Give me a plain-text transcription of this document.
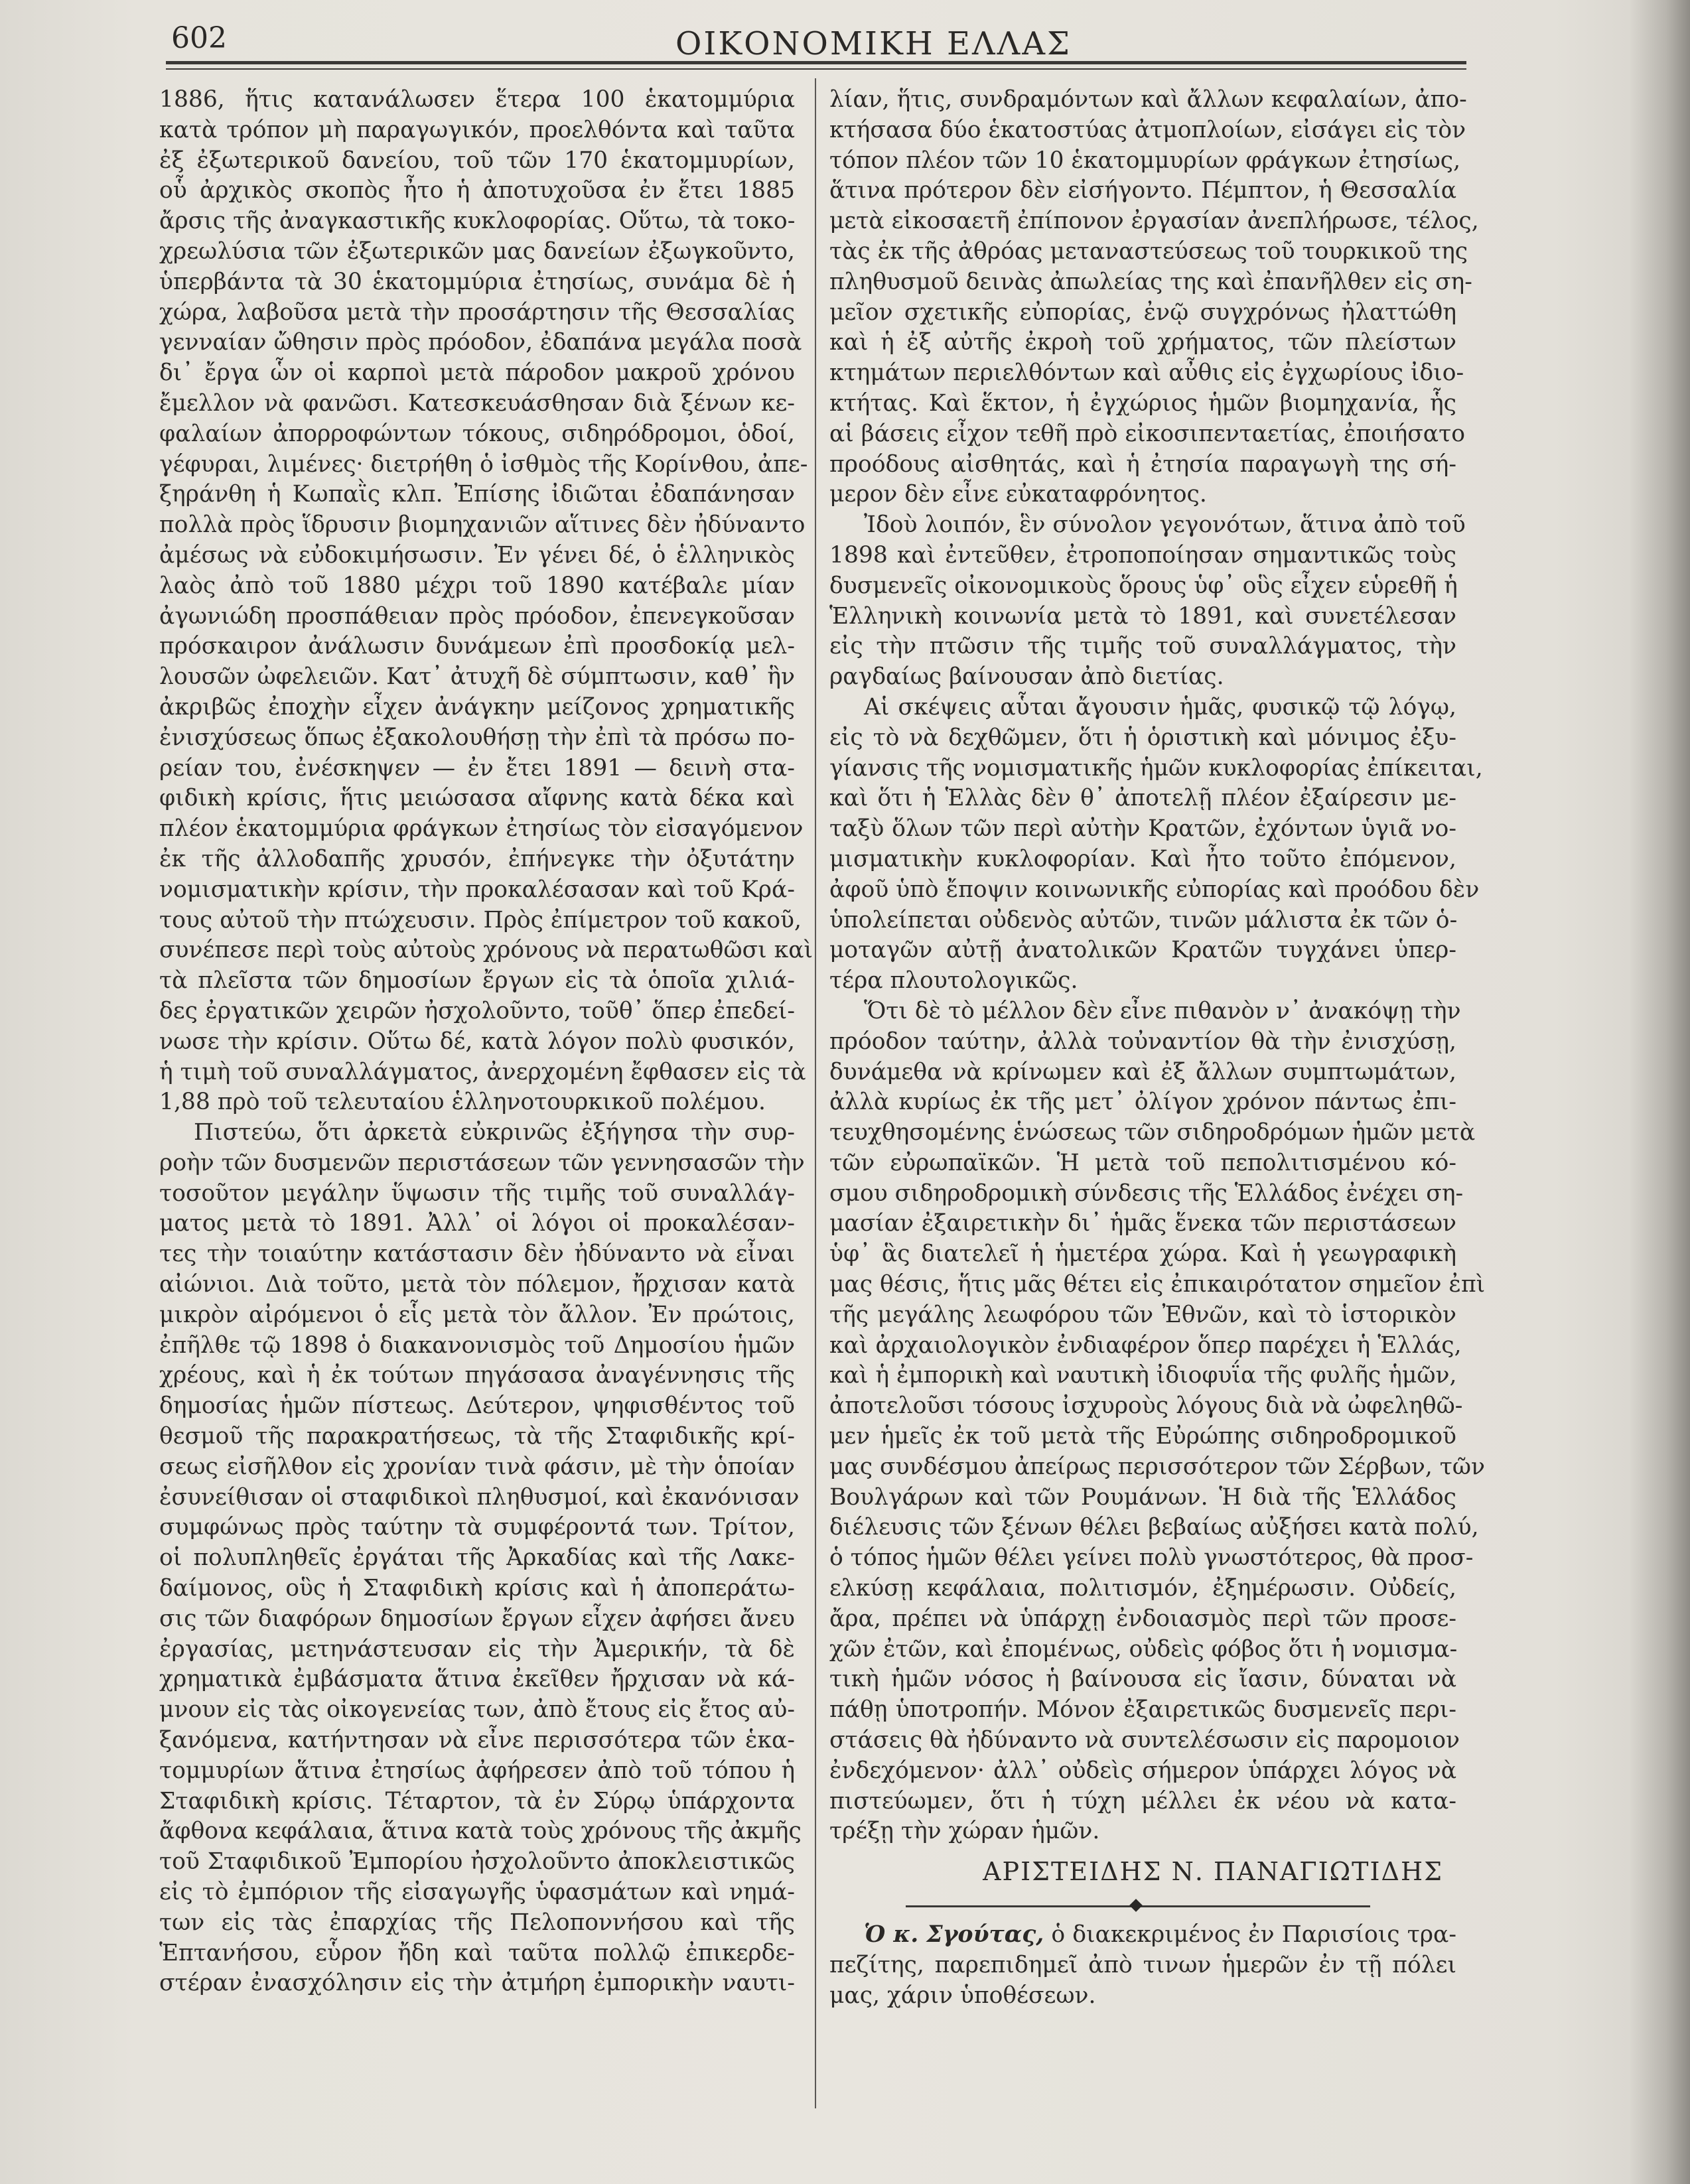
602	ΟΙΚΟΝΟΜΙΚΗ ΕΛΛΑΣ
1886, ἥτις κατανάλωσεν ἕτερα 100 ἑκατομμύρια
κατὰ τρόπον μὴ παραγωγικόν, προελθόντα καὶ ταῦτα
ἐξ ἐξωτερικοῦ δανείου, τοῦ τῶν 170 ἑκατομμυρίων,
οὗ ἀρχικὸς σκοπὸς ἦτο ἡ ἀποτυχοῦσα ἐν ἔτει 1885
ἄρσις τῆς ἀναγκαστικῆς κυκλοφορίας. Οὕτω, τὰ τοκο-
χρεωλύσια τῶν ἐξωτερικῶν μας δανείων ἐξωγκοῦντο,
ὑπερβάντα τὰ 30 ἑκατομμύρια ἐτησίως, συνάμα δὲ ἡ
χώρα, λαβοῦσα μετὰ τὴν προσάρτησιν τῆς Θεσσαλίας
γενναίαν ὤθησιν πρὸς πρόοδον, ἐδαπάνα μεγάλα ποσὰ
δι᾽ ἔργα ὧν οἱ καρποὶ μετὰ πάροδον μακροῦ χρόνου
ἔμελλον νὰ φανῶσι. Κατεσκευάσθησαν διὰ ξένων κε-
φαλαίων ἀπορροφώντων τόκους, σιδηρόδρομοι, ὁδοί,
γέφυραι, λιμένες· διετρήθη ὁ ἰσθμὸς τῆς Κορίνθου, ἀπε-
ξηράνθη ἡ Κωπαῒς κλπ. Ἐπίσης ἰδιῶται ἐδαπάνησαν
πολλὰ πρὸς ἵδρυσιν βιομηχανιῶν αἵτινες δὲν ἠδύναντο
ἀμέσως νὰ εὐδοκιμήσωσιν. Ἐν γένει δέ, ὁ ἑλληνικὸς
λαὸς ἀπὸ τοῦ 1880 μέχρι τοῦ 1890 κατέβαλε μίαν
ἀγωνιώδη προσπάθειαν πρὸς πρόοδον, ἐπενεγκοῦσαν
πρόσκαιρον ἀνάλωσιν δυνάμεων ἐπὶ προσδοκίᾳ μελ-
λουσῶν ὠφελειῶν. Κατ᾽ ἀτυχῆ δὲ σύμπτωσιν, καθ᾽ ἣν
ἀκριβῶς ἐποχὴν εἶχεν ἀνάγκην μείζονος χρηματικῆς
ἐνισχύσεως ὅπως ἐξακολουθήσῃ τὴν ἐπὶ τὰ πρόσω πο-
ρείαν του, ἐνέσκηψεν — ἐν ἔτει 1891 — δεινὴ στα-
φιδικὴ κρίσις, ἥτις μειώσασα αἴφνης κατὰ δέκα καὶ
πλέον ἑκατομμύρια φράγκων ἐτησίως τὸν εἰσαγόμενον
ἐκ τῆς ἀλλοδαπῆς χρυσόν, ἐπήνεγκε τὴν ὀξυτάτην
νομισματικὴν κρίσιν, τὴν προκαλέσασαν καὶ τοῦ Κρά-
τους αὐτοῦ τὴν πτώχευσιν. Πρὸς ἐπίμετρον τοῦ κακοῦ,
συνέπεσε περὶ τοὺς αὐτοὺς χρόνους νὰ περατωθῶσι καὶ
τὰ πλεῖστα τῶν δημοσίων ἔργων εἰς τὰ ὁποῖα χιλιά-
δες ἐργατικῶν χειρῶν ἠσχολοῦντο, τοῦθ᾽ ὅπερ ἐπεδεί-
νωσε τὴν κρίσιν. Οὕτω δέ, κατὰ λόγον πολὺ φυσικόν,
ἡ τιμὴ τοῦ συναλλάγματος, ἀνερχομένη ἔφθασεν εἰς τὰ
1,88 πρὸ τοῦ τελευταίου ἑλληνοτουρκικοῦ πολέμου.
Πιστεύω, ὅτι ἀρκετὰ εὐκρινῶς ἐξήγησα τὴν συρ-
ροὴν τῶν δυσμενῶν περιστάσεων τῶν γεννησασῶν τὴν
τοσοῦτον μεγάλην ὕψωσιν τῆς τιμῆς τοῦ συναλλάγ-
ματος μετὰ τὸ 1891. Ἀλλ᾽ οἱ λόγοι οἱ προκαλέσαν-
τες τὴν τοιαύτην κατάστασιν δὲν ἠδύναντο νὰ εἶναι
αἰώνιοι. Διὰ τοῦτο, μετὰ τὸν πόλεμον, ἤρχισαν κατὰ
μικρὸν αἰρόμενοι ὁ εἷς μετὰ τὸν ἄλλον. Ἐν πρώτοις,
ἐπῆλθε τῷ 1898 ὁ διακανονισμὸς τοῦ Δημοσίου ἡμῶν
χρέους, καὶ ἡ ἐκ τούτων πηγάσασα ἀναγέννησις τῆς
δημοσίας ἡμῶν πίστεως. Δεύτερον, ψηφισθέντος τοῦ
θεσμοῦ τῆς παρακρατήσεως, τὰ τῆς Σταφιδικῆς κρί-
σεως εἰσῆλθον εἰς χρονίαν τινὰ φάσιν, μὲ τὴν ὁποίαν
ἐσυνείθισαν οἱ σταφιδικοὶ πληθυσμοί, καὶ ἐκανόνισαν
συμφώνως πρὸς ταύτην τὰ συμφέροντά των. Τρίτον,
οἱ πολυπληθεῖς ἐργάται τῆς Ἀρκαδίας καὶ τῆς Λακε-
δαίμονος, οὓς ἡ Σταφιδικὴ κρίσις καὶ ἡ ἀποπεράτω-
σις τῶν διαφόρων δημοσίων ἔργων εἶχεν ἀφήσει ἄνευ
ἐργασίας, μετηνάστευσαν εἰς τὴν Ἀμερικήν, τὰ δὲ
χρηματικὰ ἐμβάσματα ἅτινα ἐκεῖθεν ἤρχισαν νὰ κά-
μνουν εἰς τὰς οἰκογενείας των, ἀπὸ ἔτους εἰς ἔτος αὐ-
ξανόμενα, κατήντησαν νὰ εἶνε περισσότερα τῶν ἑκα-
τομμυρίων ἅτινα ἐτησίως ἀφήρεσεν ἀπὸ τοῦ τόπου ἡ
Σταφιδικὴ κρίσις. Τέταρτον, τὰ ἐν Σύρῳ ὑπάρχοντα
ἄφθονα κεφάλαια, ἅτινα κατὰ τοὺς χρόνους τῆς ἀκμῆς
τοῦ Σταφιδικοῦ Ἐμπορίου ἠσχολοῦντο ἀποκλειστικῶς
εἰς τὸ ἐμπόριον τῆς εἰσαγωγῆς ὑφασμάτων καὶ νημά-
των εἰς τὰς ἐπαρχίας τῆς Πελοποννήσου καὶ τῆς
Ἑπτανήσου, εὗρον ἤδη καὶ ταῦτα πολλῷ ἐπικερδε-
στέραν ἐνασχόλησιν εἰς τὴν ἀτμήρη ἐμπορικὴν ναυτι-
λίαν, ἥτις, συνδραμόντων καὶ ἄλλων κεφαλαίων, ἀπο-
κτήσασα δύο ἑκατοστύας ἀτμοπλοίων, εἰσάγει εἰς τὸν
τόπον πλέον τῶν 10 ἑκατομμυρίων φράγκων ἐτησίως,
ἅτινα πρότερον δὲν εἰσήγοντο. Πέμπτον, ἡ Θεσσαλία
μετὰ εἰκοσαετῆ ἐπίπονον ἐργασίαν ἀνεπλήρωσε, τέλος,
τὰς ἐκ τῆς ἀθρόας μεταναστεύσεως τοῦ τουρκικοῦ της
πληθυσμοῦ δεινὰς ἀπωλείας της καὶ ἐπανῆλθεν εἰς ση-
μεῖον σχετικῆς εὐπορίας, ἐνῷ συγχρόνως ἠλαττώθη
καὶ ἡ ἐξ αὐτῆς ἐκροὴ τοῦ χρήματος, τῶν πλείστων
κτημάτων περιελθόντων καὶ αὖθις εἰς ἐγχωρίους ἰδιο-
κτήτας. Καὶ ἕκτον, ἡ ἐγχώριος ἡμῶν βιομηχανία, ἧς
αἱ βάσεις εἶχον τεθῆ πρὸ εἰκοσιπενταετίας, ἐποιήσατο
προόδους αἰσθητάς, καὶ ἡ ἐτησία παραγωγὴ της σή-
μερον δὲν εἶνε εὐκαταφρόνητος.
Ἰδοὺ λοιπόν, ἓν σύνολον γεγονότων, ἅτινα ἀπὸ τοῦ
1898 καὶ ἐντεῦθεν, ἐτροποποίησαν σημαντικῶς τοὺς
δυσμενεῖς οἰκονομικοὺς ὅρους ὑφ᾽ οὓς εἶχεν εὑρεθῆ ἡ
Ἑλληνικὴ κοινωνία μετὰ τὸ 1891, καὶ συνετέλεσαν
εἰς τὴν πτῶσιν τῆς τιμῆς τοῦ συναλλάγματος, τὴν
ραγδαίως βαίνουσαν ἀπὸ διετίας.
Αἱ σκέψεις αὗται ἄγουσιν ἡμᾶς, φυσικῷ τῷ λόγῳ,
εἰς τὸ νὰ δεχθῶμεν, ὅτι ἡ ὁριστικὴ καὶ μόνιμος ἐξυ-
γίανσις τῆς νομισματικῆς ἡμῶν κυκλοφορίας ἐπίκειται,
καὶ ὅτι ἡ Ἑλλὰς δὲν θ᾽ ἀποτελῇ πλέον ἐξαίρεσιν με-
ταξὺ ὅλων τῶν περὶ αὐτὴν Κρατῶν, ἐχόντων ὑγιᾶ νο-
μισματικὴν κυκλοφορίαν. Καὶ ἦτο τοῦτο ἐπόμενον,
ἀφοῦ ὑπὸ ἔποψιν κοινωνικῆς εὐπορίας καὶ προόδου δὲν
ὑπολείπεται οὐδενὸς αὐτῶν, τινῶν μάλιστα ἐκ τῶν ὁ-
μοταγῶν αὐτῇ ἀνατολικῶν Κρατῶν τυγχάνει ὑπερ-
τέρα πλουτολογικῶς.
Ὅτι δὲ τὸ μέλλον δὲν εἶνε πιθανὸν ν᾽ ἀνακόψῃ τὴν
πρόοδον ταύτην, ἀλλὰ τοὐναντίον θὰ τὴν ἐνισχύσῃ,
δυνάμεθα νὰ κρίνωμεν καὶ ἐξ ἄλλων συμπτωμάτων,
ἀλλὰ κυρίως ἐκ τῆς μετ᾽ ὀλίγον χρόνον πάντως ἐπι-
τευχθησομένης ἑνώσεως τῶν σιδηροδρόμων ἡμῶν μετὰ
τῶν εὐρωπαϊκῶν. Ἡ μετὰ τοῦ πεπολιτισμένου κό-
σμου σιδηροδρομικὴ σύνδεσις τῆς Ἑλλάδος ἐνέχει ση-
μασίαν ἐξαιρετικὴν δι᾽ ἡμᾶς ἕνεκα τῶν περιστάσεων
ὑφ᾽ ἃς διατελεῖ ἡ ἡμετέρα χώρα. Καὶ ἡ γεωγραφικὴ
μας θέσις, ἥτις μᾶς θέτει εἰς ἐπικαιρότατον σημεῖον ἐπὶ
τῆς μεγάλης λεωφόρου τῶν Ἐθνῶν, καὶ τὸ ἱστορικὸν
καὶ ἀρχαιολογικὸν ἐνδιαφέρον ὅπερ παρέχει ἡ Ἑλλάς,
καὶ ἡ ἐμπορικὴ καὶ ναυτικὴ ἰδιοφυΐα τῆς φυλῆς ἡμῶν,
ἀποτελοῦσι τόσους ἰσχυροὺς λόγους διὰ νὰ ὠφεληθῶ-
μεν ἡμεῖς ἐκ τοῦ μετὰ τῆς Εὐρώπης σιδηροδρομικοῦ
μας συνδέσμου ἀπείρως περισσότερον τῶν Σέρβων, τῶν
Βουλγάρων καὶ τῶν Ρουμάνων. Ἡ διὰ τῆς Ἑλλάδος
διέλευσις τῶν ξένων θέλει βεβαίως αὐξήσει κατὰ πολύ,
ὁ τόπος ἡμῶν θέλει γείνει πολὺ γνωστότερος, θὰ προσ-
ελκύσῃ κεφάλαια, πολιτισμόν, ἐξημέρωσιν. Οὐδείς,
ἄρα, πρέπει νὰ ὑπάρχῃ ἐνδοιασμὸς περὶ τῶν προσε-
χῶν ἐτῶν, καὶ ἐπομένως, οὐδεὶς φόβος ὅτι ἡ νομισμα-
τικὴ ἡμῶν νόσος ἡ βαίνουσα εἰς ἴασιν, δύναται νὰ
πάθῃ ὑποτροπήν. Μόνον ἐξαιρετικῶς δυσμενεῖς περι-
στάσεις θὰ ἠδύναντο νὰ συντελέσωσιν εἰς παρομοιον
ἐνδεχόμενον· ἀλλ᾽ οὐδεὶς σήμερον ὑπάρχει λόγος νὰ
πιστεύωμεν, ὅτι ἡ τύχη μέλλει ἐκ νέου νὰ κατα-
τρέξῃ τὴν χώραν ἡμῶν.
ΑΡΙΣΤΕΙΔΗΣ Ν. ΠΑΝΑΓΙΩΤΙΔΗΣ
Ὁ κ. Σγούτας, ὁ διακεκριμένος ἐν Παρισίοις τρα-
πεζίτης, παρεπιδημεῖ ἀπὸ τινων ἡμερῶν ἐν τῇ πόλει
μας, χάριν ὑποθέσεων.
